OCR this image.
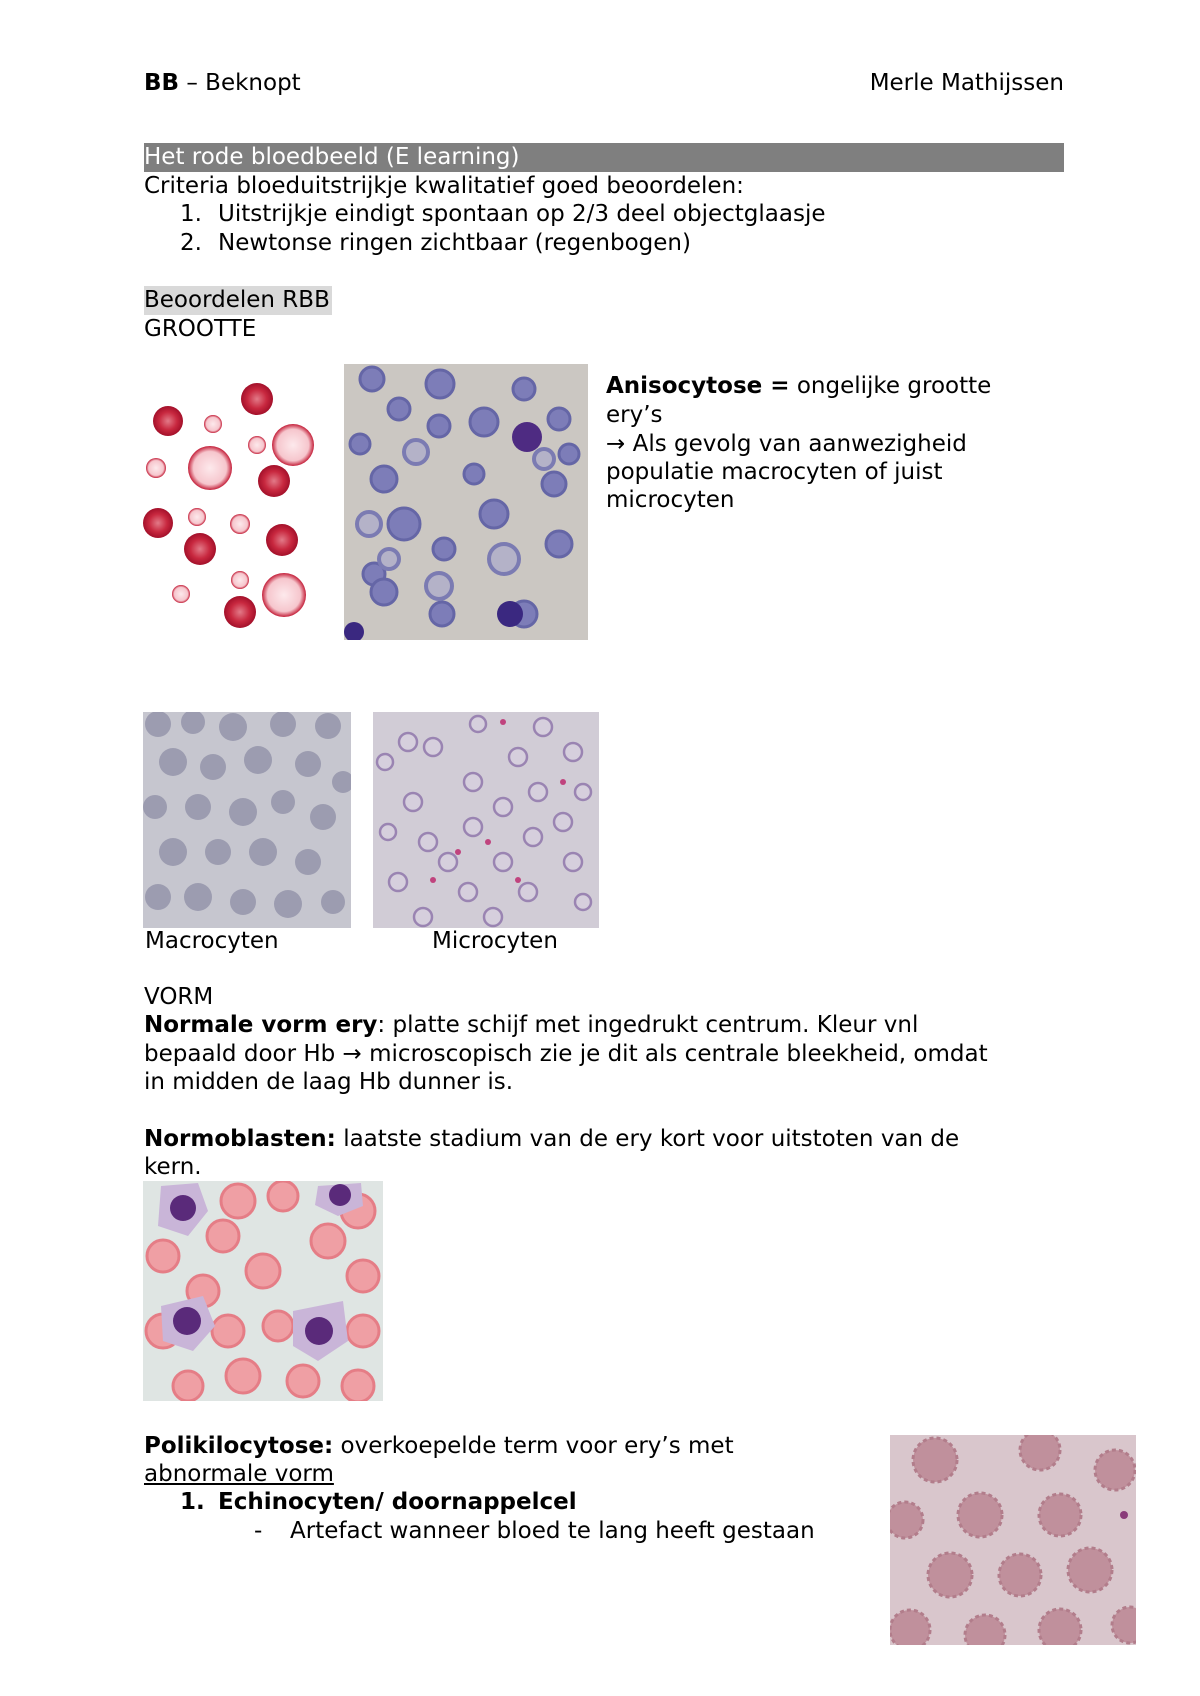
BB – Beknopt	Merle Mathijssen
Het rode bloedbeeld (E learning)
Criteria bloeduitstrijkje kwalitatief goed beoordelen:
1. Uitstrijkje eindigt spontaan op 2/3 deel objectglaasje
2. Newtonse ringen zichtbaar (regenbogen)
Beoordelen RBB
GROOTTE
Anisocytose = ongelijke grootte
ery’s
→ Als gevolg van aanwezigheid
populatie macrocyten of juist
microcyten
Macrocyten	Microcyten
VORM
Normale vorm ery: platte schijf met ingedrukt centrum. Kleur vnl
bepaald door Hb → microscopisch zie je dit als centrale bleekheid, omdat
in midden de laag Hb dunner is.
Normoblasten: laatste stadium van de ery kort voor uitstoten van de
kern.
Polikilocytose: overkoepelde term voor ery’s met
abnormale vorm
1. Echinocyten/ doornappelcel
- Artefact wanneer bloed te lang heeft gestaan
